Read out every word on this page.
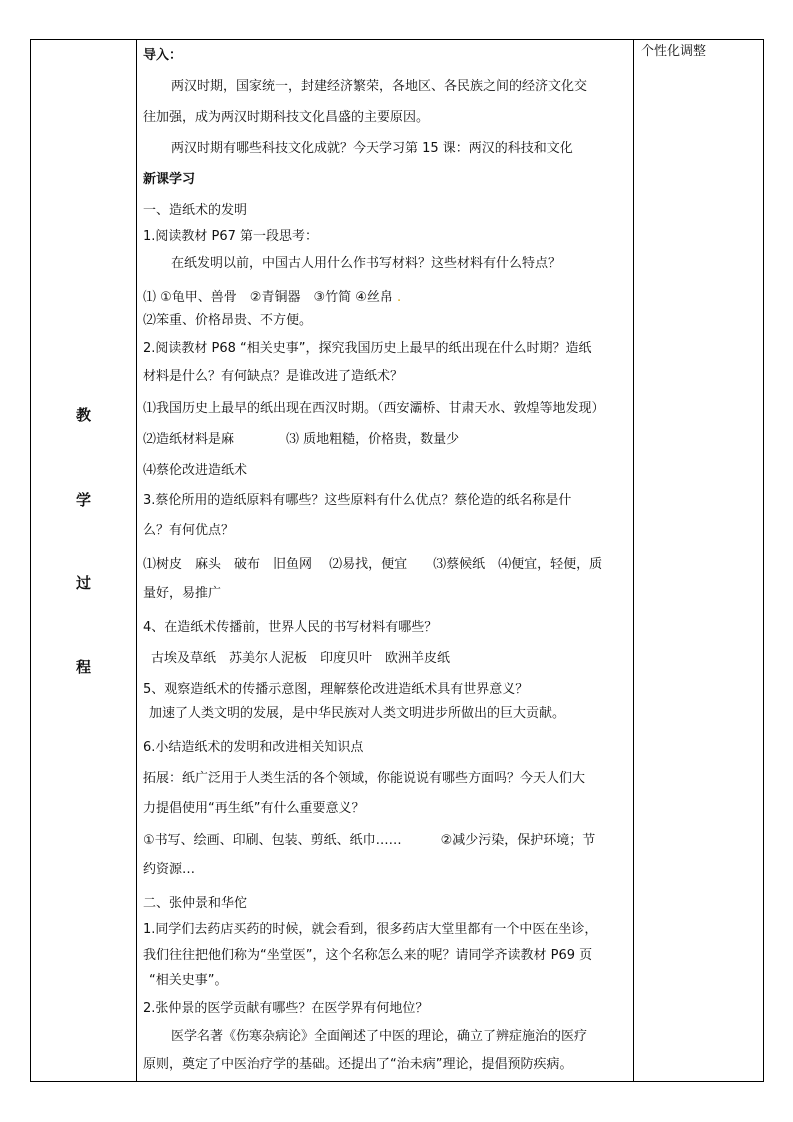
教
学
过
程
个性化调整
导入：
两汉时期，国家统一，封建经济繁荣，各地区、各民族之间的经济文化交
往加强，成为两汉时期科技文化昌盛的主要原因。
两汉时期有哪些科技文化成就？今天学习第 15 课：两汉的科技和文化
新课学习
一、造纸术的发明
1.阅读教材 P67 第一段思考：
在纸发明以前，中国古人用什么作书写材料？这些材料有什么特点？
⑴ ①龟甲、兽骨　②青铜器　③竹简 ④丝帛 .
⑵笨重、价格昂贵、不方便。
2.阅读教材 P68 “相关史事”，探究我国历史上最早的纸出现在什么时期？造纸
材料是什么？有何缺点？是谁改进了造纸术？
⑴我国历史上最早的纸出现在西汉时期。（西安灞桥、甘肃天水、敦煌等地发现）
⑵造纸材料是麻　　　　⑶ 质地粗糙，价格贵，数量少
⑷蔡伦改进造纸术
3.蔡伦所用的造纸原料有哪些？这些原料有什么优点？蔡伦造的纸名称是什
么？有何优点？
⑴树皮　麻头　破布　旧鱼网　 ⑵易找，便宜　　⑶蔡候纸　⑷便宜，轻便，质
量好，易推广
4、在造纸术传播前，世界人民的书写材料有哪些？
古埃及草纸　苏美尔人泥板　印度贝叶　欧洲羊皮纸
5、观察造纸术的传播示意图，理解蔡伦改进造纸术具有世界意义？
加速了人类文明的发展，是中华民族对人类文明进步所做出的巨大贡献。
6.小结造纸术的发明和改进相关知识点
拓展：纸广泛用于人类生活的各个领域，你能说说有哪些方面吗？今天人们大
力提倡使用“再生纸”有什么重要意义？
①书写、绘画、印刷、包装、剪纸、纸巾……　　　②减少污染，保护环境；节
约资源…
二、张仲景和华佗
1.同学们去药店买药的时候，就会看到，很多药店大堂里都有一个中医在坐诊，
我们往往把他们称为“坐堂医”，这个名称怎么来的呢？请同学齐读教材 P69 页
“相关史事”。
2.张仲景的医学贡献有哪些？在医学界有何地位？
医学名著《伤寒杂病论》全面阐述了中医的理论，确立了辨症施治的医疗
原则，奠定了中医治疗学的基础。还提出了“治未病”理论，提倡预防疾病。
